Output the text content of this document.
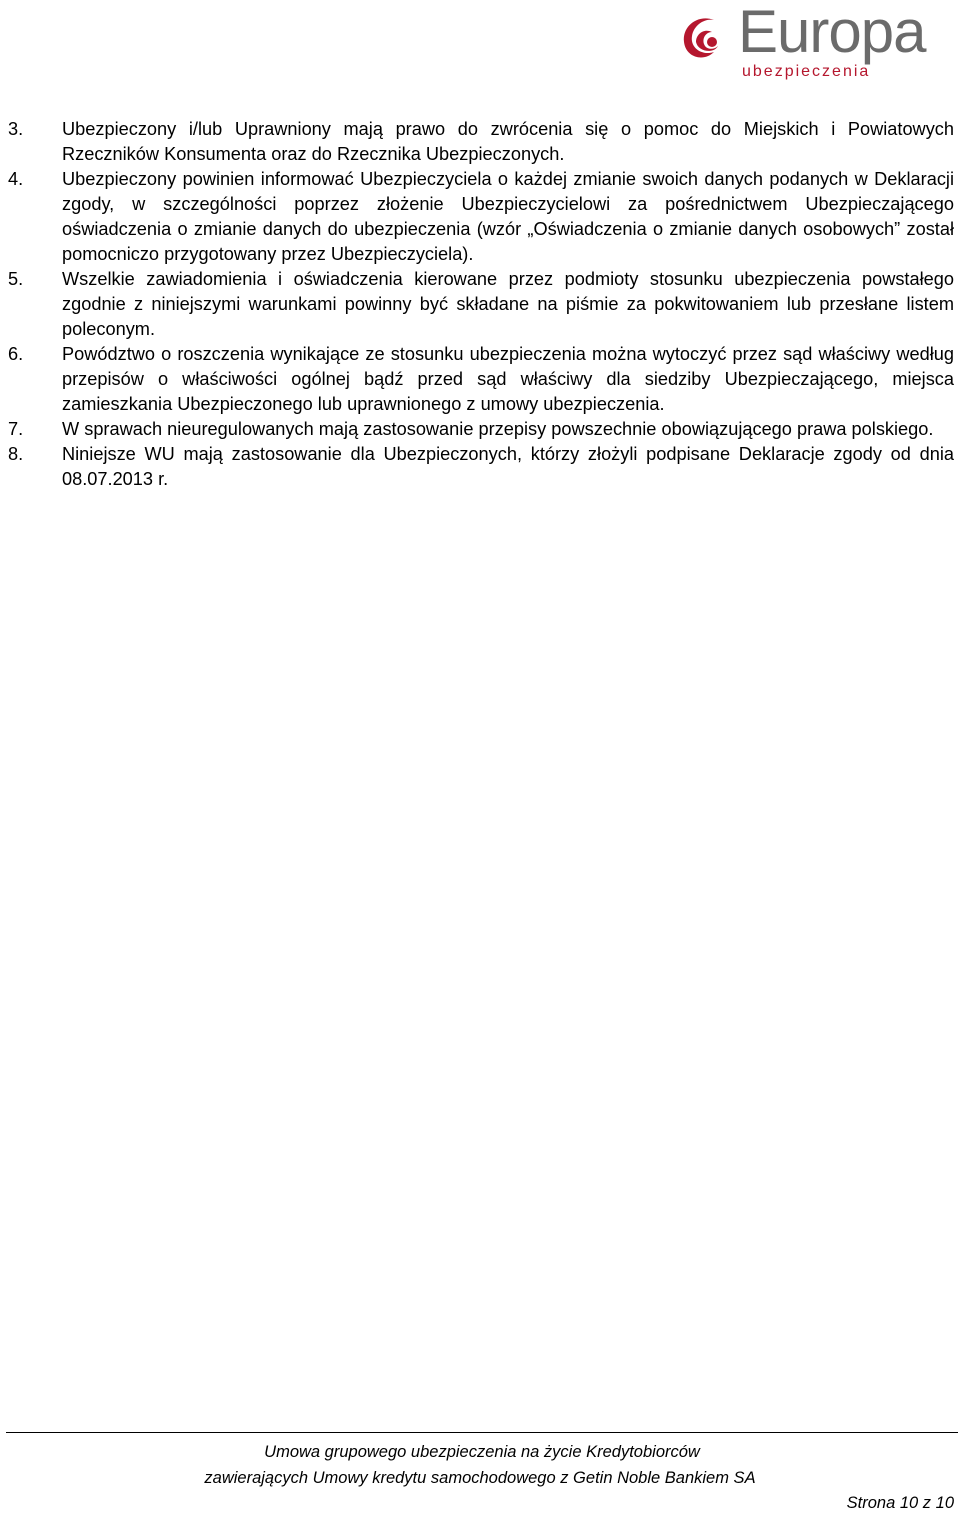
Europa
ubezpieczenia

3. Ubezpieczony i/lub Uprawniony mają prawo do zwrócenia się o pomoc do Miejskich i Powiatowych Rzeczników Konsumenta oraz do Rzecznika Ubezpieczonych.

4. Ubezpieczony powinien informować Ubezpieczyciela o każdej zmianie swoich danych podanych w Deklaracji zgody, w szczególności poprzez złożenie Ubezpieczycielowi za pośrednictwem Ubezpieczającego oświadczenia o zmianie danych do ubezpieczenia (wzór „Oświadczenia o zmianie danych osobowych” został pomocniczo przygotowany przez Ubezpieczyciela).

5. Wszelkie zawiadomienia i oświadczenia kierowane przez podmioty stosunku ubezpieczenia powstałego zgodnie z niniejszymi warunkami powinny być składane na piśmie za pokwitowaniem lub przesłane listem poleconym.

6. Powództwo o roszczenia wynikające ze stosunku ubezpieczenia można wytoczyć przez sąd właściwy według przepisów o właściwości ogólnej bądź przed sąd właściwy dla siedziby Ubezpieczającego, miejsca zamieszkania Ubezpieczonego lub uprawnionego z umowy ubezpieczenia.

7. W sprawach nieuregulowanych mają zastosowanie przepisy powszechnie obowiązującego prawa polskiego.

8. Niniejsze WU mają zastosowanie dla Ubezpieczonych, którzy złożyli podpisane Deklaracje zgody od dnia 08.07.2013 r.

Umowa grupowego ubezpieczenia na życie Kredytobiorców
zawierających Umowy kredytu samochodowego z Getin Noble Bankiem SA
Strona 10 z 10
